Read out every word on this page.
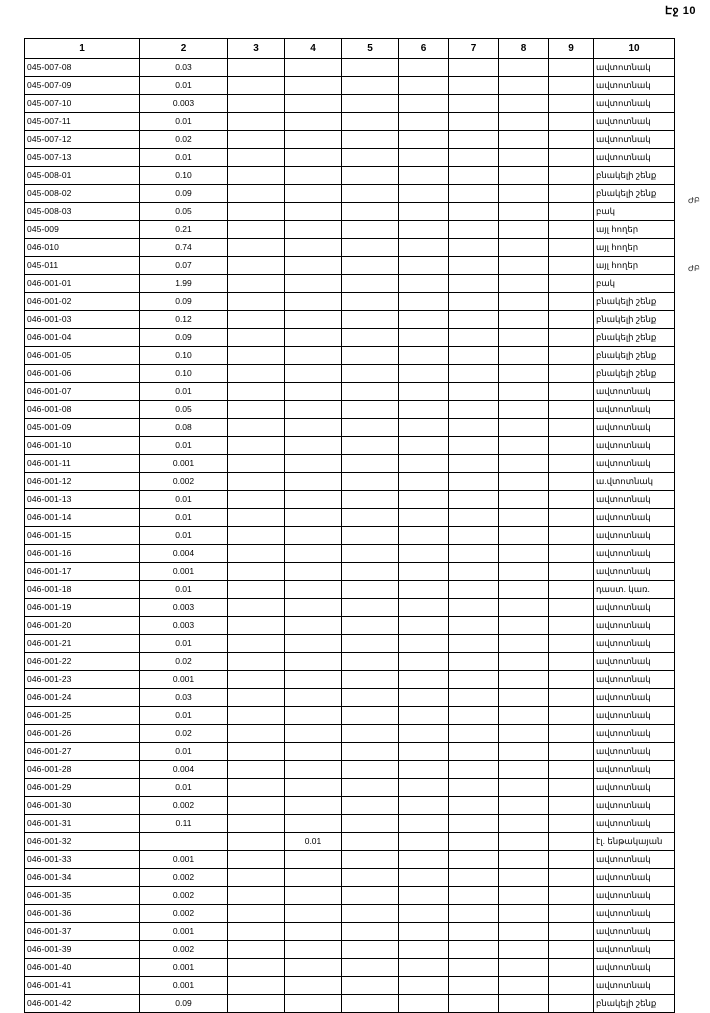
Էջ 10
1	2	3	4	5	6	7	8	9	10
045-007-08	0.03								ավտոտնակ
045-007-09	0.01								ավտոտնակ
045-007-10	0.003								ավտոտնակ
045-007-11	0.01								ավտոտնակ
045-007-12	0.02								ավտոտնակ
045-007-13	0.01								ավտոտնակ
045-008-01	0.10								բնակելի շենք
045-008-02	0.09								բնակելի շենք
045-008-03	0.05								բակ
045-009	0.21								այլ հողեր
046-010	0.74								այլ հողեր
045-011	0.07								այլ հողեր
046-001-01	1.99								բակ
046-001-02	0.09								բնակելի շենք
046-001-03	0.12								բնակելի շենք
046-001-04	0.09								բնակելի շենք
046-001-05	0.10								բնակելի շենք
046-001-06	0.10								բնակելի շենք
046-001-07	0.01								ավտոտնակ
046-001-08	0.05								ավտոտնակ
045-001-09	0.08								ավտոտնակ
046-001-10	0.01								ավտոտնակ
046-001-11	0.001								ավտոտնակ
046-001-12	0.002								ա.վտոտնակ
046-001-13	0.01								ավտոտնակ
046-001-14	0.01								ավտոտնակ
046-001-15	0.01								ավտոտնակ
046-001-16	0.004								ավտոտնակ
046-001-17	0.001								ավտոտնակ
046-001-18	0.01								դաստ. կառ.
046-001-19	0.003								ավտոտնակ
046-001-20	0.003								ավտոտնակ
046-001-21	0.01								ավտոտնակ
046-001-22	0.02								ավտոտնակ
046-001-23	0.001								ավտոտնակ
046-001-24	0.03								ավտոտնակ
046-001-25	0.01								ավտոտնակ
046-001-26	0.02								ավտոտնակ
046-001-27	0.01								ավտոտնակ
046-001-28	0.004								ավտոտնակ
046-001-29	0.01								ավտոտնակ
046-001-30	0.002								ավտոտնակ
046-001-31	0.11								ավտոտնակ
046-001-32			0.01						էլ. ենթակայան
046-001-33	0.001								ավտոտնակ
046-001-34	0.002								ավտոտնակ
046-001-35	0.002								ավտոտնակ
046-001-36	0.002								ավտոտնակ
046-001-37	0.001								ավտոտնակ
046-001-39	0.002								ավտոտնակ
046-001-40	0.001								ավտոտնակ
046-001-41	0.001								ավտոտնակ
046-001-42	0.09								բնակելի շենք
ԺԲ
ԺԲ
